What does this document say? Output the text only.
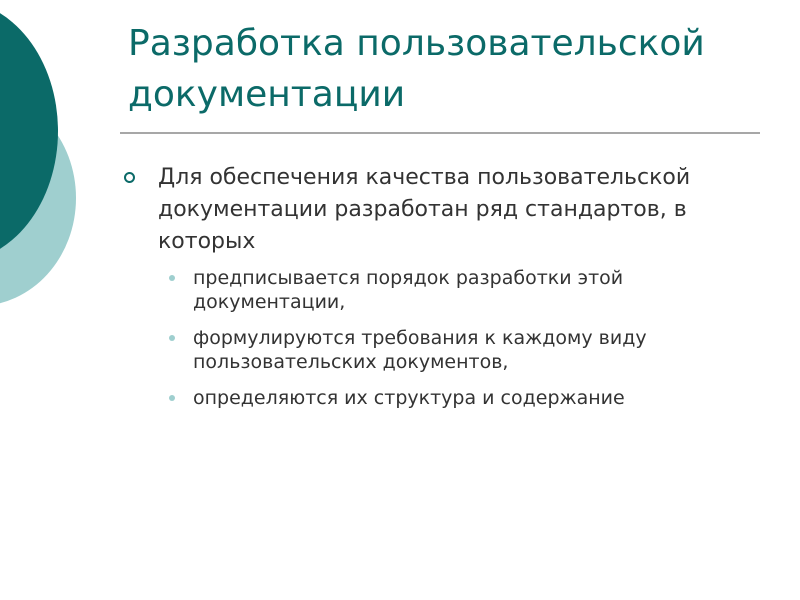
Разработка пользовательской документации
Для обеспечения качества пользовательской документации разработан ряд стандартов, в которых
предписывается порядок разработки этой документации,
формулируются требования к каждому виду пользовательских документов,
определяются их структура и содержание
